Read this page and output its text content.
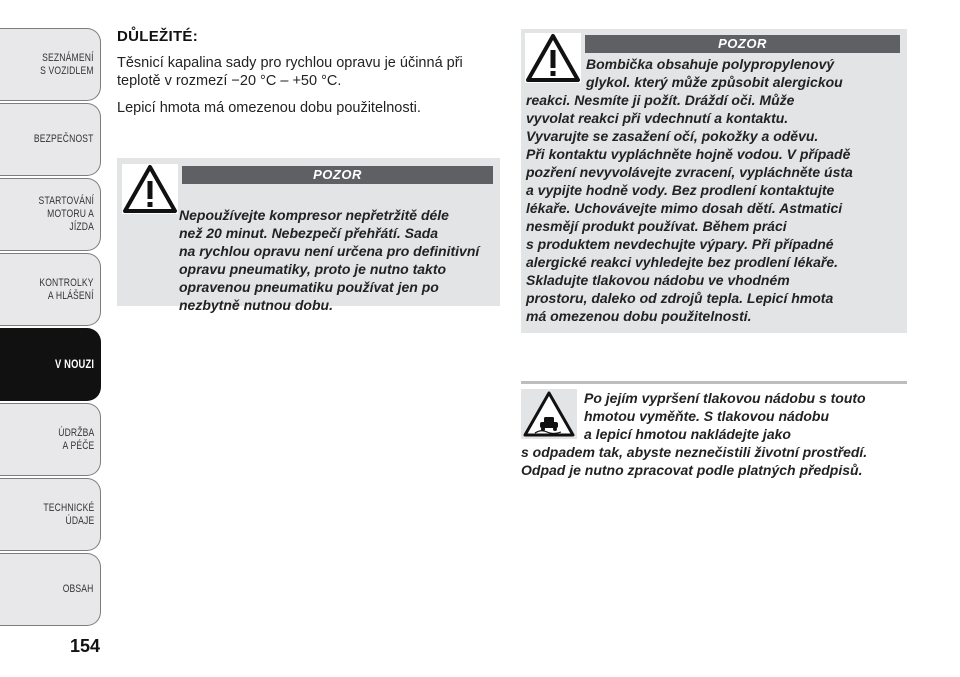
SEZNÁMENÍ
S VOZIDLEM
BEZPEČNOST
STARTOVÁNÍ
MOTORU A JÍZDA
KONTROLKY
A HLÁŠENÍ
V NOUZI
ÚDRŽBA
A PÉČE
TECHNICKÉ
ÚDAJE
OBSAH
154
DŮLEŽITÉ:
Těsnicí kapalina sady pro rychlou opravu je účinná při
teplotě v rozmezí −20 °C – +50 °C.
Lepicí hmota má omezenou dobu použitelnosti.
POZOR

Nepoužívejte kompresor nepřetržitě déle
než 20 minut. Nebezpečí přehřátí. Sada
na rychlou opravu není určena pro definitivní
opravu pneumatiky, proto je nutno takto
opravenou pneumatiku používat jen po
nezbytně nutnou dobu.

POZOR
Bombička obsahuje polypropylenový
glykol. který může způsobit alergickou
reakci. Nesmíte ji požít. Dráždí oči. Může
vyvolat reakci při vdechnutí a kontaktu.
Vyvarujte se zasažení očí, pokožky a oděvu.
Při kontaktu vypláchněte hojně vodou. V případě
pozření nevyvolávejte zvracení, vypláchněte ústa
a vypijte hodně vody. Bez prodlení kontaktujte
lékaře. Uchovávejte mimo dosah dětí. Astmatici
nesmějí produkt používat. Během práci
s produktem nevdechujte výpary. Při případné
alergické reakci vyhledejte bez prodlení lékaře.
Skladujte tlakovou nádobu ve vhodném
prostoru, daleko od zdrojů tepla. Lepicí hmota
má omezenou dobu použitelnosti.
Po jejím vypršení tlakovou nádobu s touto
hmotou vyměňte. S tlakovou nádobu
a lepicí hmotou nakládejte jako
s odpadem tak, abyste neznečistili životní prostředí.
Odpad je nutno zpracovat podle platných předpisů.
